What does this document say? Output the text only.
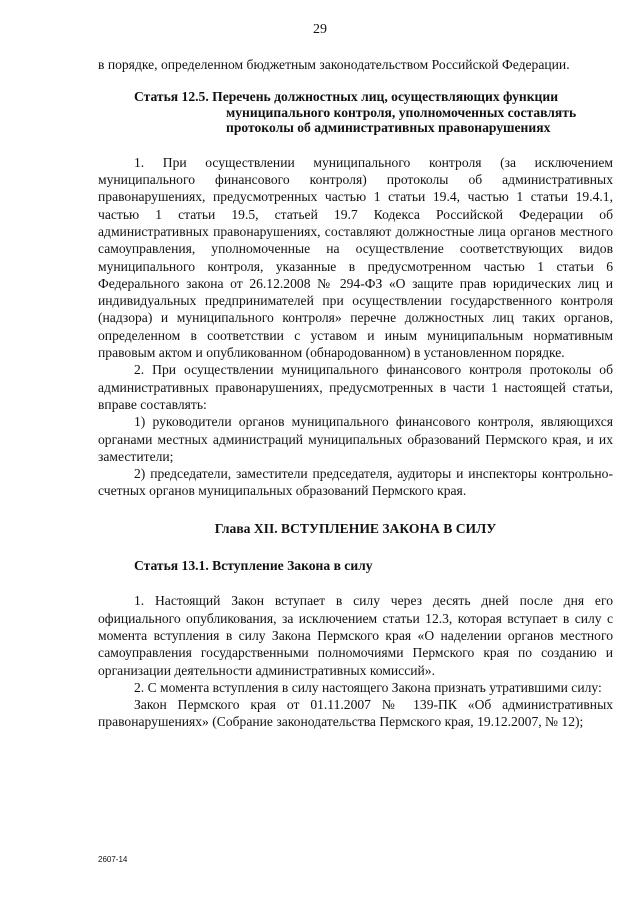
29

в порядке, определенном бюджетным законодательством Российской Федерации.

Статья 12.5. Перечень должностных лиц, осуществляющих функции
муниципального контроля, уполномоченных составлять
протоколы об административных правонарушениях

1. При осуществлении муниципального контроля (за исключением муниципального финансового контроля) протоколы об административных правонарушениях, предусмотренных частью 1 статьи 19.4, частью 1 статьи 19.4.1, частью 1 статьи 19.5, статьей 19.7 Кодекса Российской Федерации об административных правонарушениях, составляют должностные лица органов местного самоуправления, уполномоченные на осуществление соответствующих видов муниципального контроля, указанные в предусмотренном частью 1 статьи 6 Федерального закона от 26.12.2008 № 294-ФЗ «О защите прав юридических лиц и индивидуальных предпринимателей при осуществлении государственного контроля (надзора) и муниципального контроля» перечне должностных лиц таких органов, определенном в соответствии с уставом и иным муниципальным нормативным правовым актом и опубликованном (обнародованном) в установленном порядке.

2. При осуществлении муниципального финансового контроля протоколы об административных правонарушениях, предусмотренных в части 1 настоящей статьи, вправе составлять:

1) руководители органов муниципального финансового контроля, являющихся органами местных администраций муниципальных образований Пермского края, и их заместители;

2) председатели, заместители председателя, аудиторы и инспекторы контрольно-счетных органов муниципальных образований Пермского края.

Глава XII. ВСТУПЛЕНИЕ ЗАКОНА В СИЛУ

Статья 13.1. Вступление Закона в силу

1. Настоящий Закон вступает в силу через десять дней после дня его официального опубликования, за исключением статьи 12.3, которая вступает в силу с момента вступления в силу Закона Пермского края «О наделении органов местного самоуправления государственными полномочиями Пермского края по созданию и организации деятельности административных комиссий».

2. С момента вступления в силу настоящего Закона признать утратившими силу:

Закон Пермского края от 01.11.2007 № 139-ПК «Об административных правонарушениях» (Собрание законодательства Пермского края, 19.12.2007, № 12);

2607-14
